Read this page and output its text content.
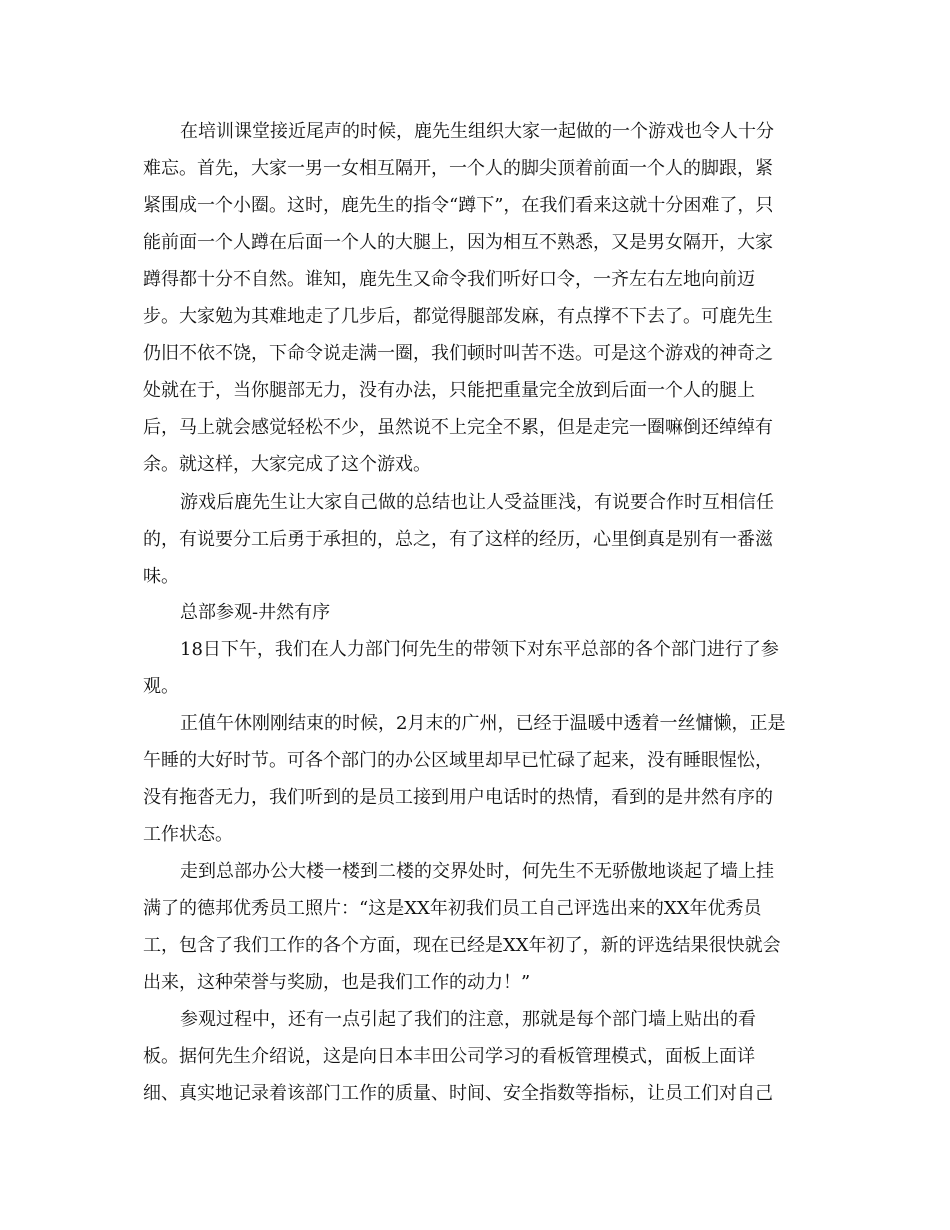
在培训课堂接近尾声的时候，鹿先生组织大家一起做的一个游戏也令人十分
难忘。首先，大家一男一女相互隔开，一个人的脚尖顶着前面一个人的脚跟，紧
紧围成一个小圈。这时，鹿先生的指令“蹲下”，在我们看来这就十分困难了，只
能前面一个人蹲在后面一个人的大腿上，因为相互不熟悉，又是男女隔开，大家
蹲得都十分不自然。谁知，鹿先生又命令我们听好口令，一齐左右左地向前迈
步。大家勉为其难地走了几步后，都觉得腿部发麻，有点撑不下去了。可鹿先生
仍旧不依不饶，下命令说走满一圈，我们顿时叫苦不迭。可是这个游戏的神奇之
处就在于，当你腿部无力，没有办法，只能把重量完全放到后面一个人的腿上
后，马上就会感觉轻松不少，虽然说不上完全不累，但是走完一圈嘛倒还绰绰有
余。就这样，大家完成了这个游戏。
游戏后鹿先生让大家自己做的总结也让人受益匪浅，有说要合作时互相信任
的，有说要分工后勇于承担的，总之，有了这样的经历，心里倒真是别有一番滋
味。
总部参观-井然有序
18日下午，我们在人力部门何先生的带领下对东平总部的各个部门进行了参
观。
正值午休刚刚结束的时候，2月末的广州，已经于温暖中透着一丝慵懒，正是
午睡的大好时节。可各个部门的办公区域里却早已忙碌了起来，没有睡眼惺忪，
没有拖沓无力，我们听到的是员工接到用户电话时的热情，看到的是井然有序的
工作状态。
走到总部办公大楼一楼到二楼的交界处时，何先生不无骄傲地谈起了墙上挂
满了的德邦优秀员工照片：“这是XX年初我们员工自己评选出来的XX年优秀员
工，包含了我们工作的各个方面，现在已经是XX年初了，新的评选结果很快就会
出来，这种荣誉与奖励，也是我们工作的动力！”
参观过程中，还有一点引起了我们的注意，那就是每个部门墙上贴出的看
板。据何先生介绍说，这是向日本丰田公司学习的看板管理模式，面板上面详
细、真实地记录着该部门工作的质量、时间、安全指数等指标，让员工们对自己
